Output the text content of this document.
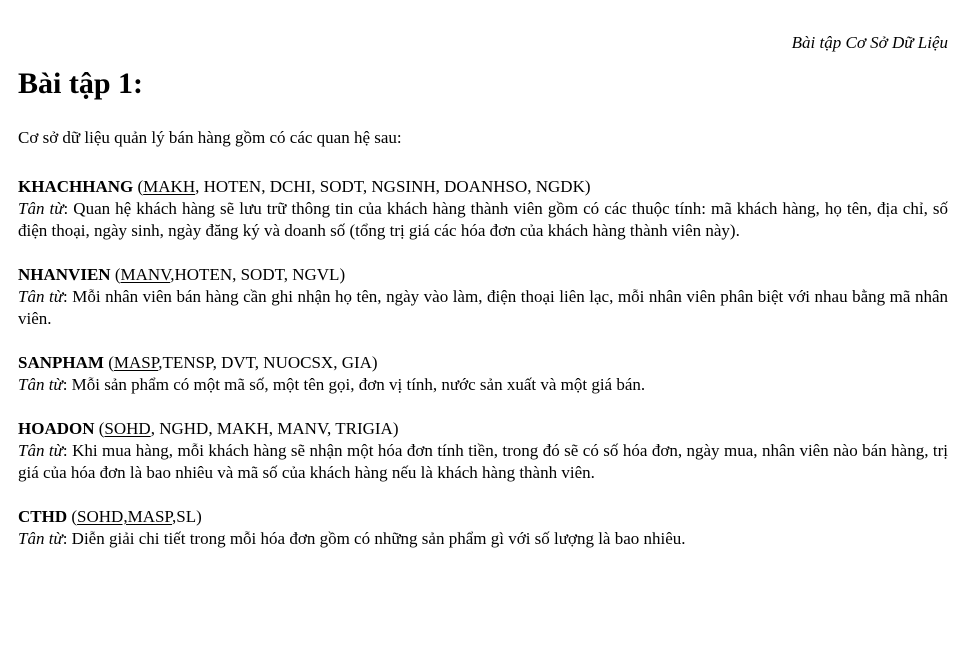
Bài tập Cơ Sở Dữ Liệu
Bài tập 1:

Cơ sở dữ liệu quản lý bán hàng gồm có các quan hệ sau:

KHACHHANG (MAKH, HOTEN, DCHI, SODT, NGSINH, DOANHSO, NGDK)

Tân từ: Quan hệ khách hàng sẽ lưu trữ thông tin của khách hàng thành viên gồm có các thuộc tính: mã khách hàng, họ tên, địa chỉ, số điện thoại, ngày sinh, ngày đăng ký và doanh số (tổng trị giá các hóa đơn của khách hàng thành viên này).

NHANVIEN (MANV,HOTEN, SODT, NGVL)

Tân từ: Mỗi nhân viên bán hàng cần ghi nhận họ tên, ngày vào làm, điện thoại liên lạc, mỗi nhân viên phân biệt với nhau bằng mã nhân viên.

SANPHAM (MASP,TENSP, DVT, NUOCSX, GIA)

Tân từ: Mỗi sản phẩm có một mã số, một tên gọi, đơn vị tính, nước sản xuất và một giá bán.

HOADON (SOHD, NGHD, MAKH, MANV, TRIGIA)

Tân từ: Khi mua hàng, mỗi khách hàng sẽ nhận một hóa đơn tính tiền, trong đó sẽ có số hóa đơn, ngày mua, nhân viên nào bán hàng, trị giá của hóa đơn là bao nhiêu và mã số của khách hàng nếu là khách hàng thành viên.

CTHD (SOHD,MASP,SL)

Tân từ: Diễn giải chi tiết trong mỗi hóa đơn gồm có những sản phẩm gì với số lượng là bao nhiêu.
